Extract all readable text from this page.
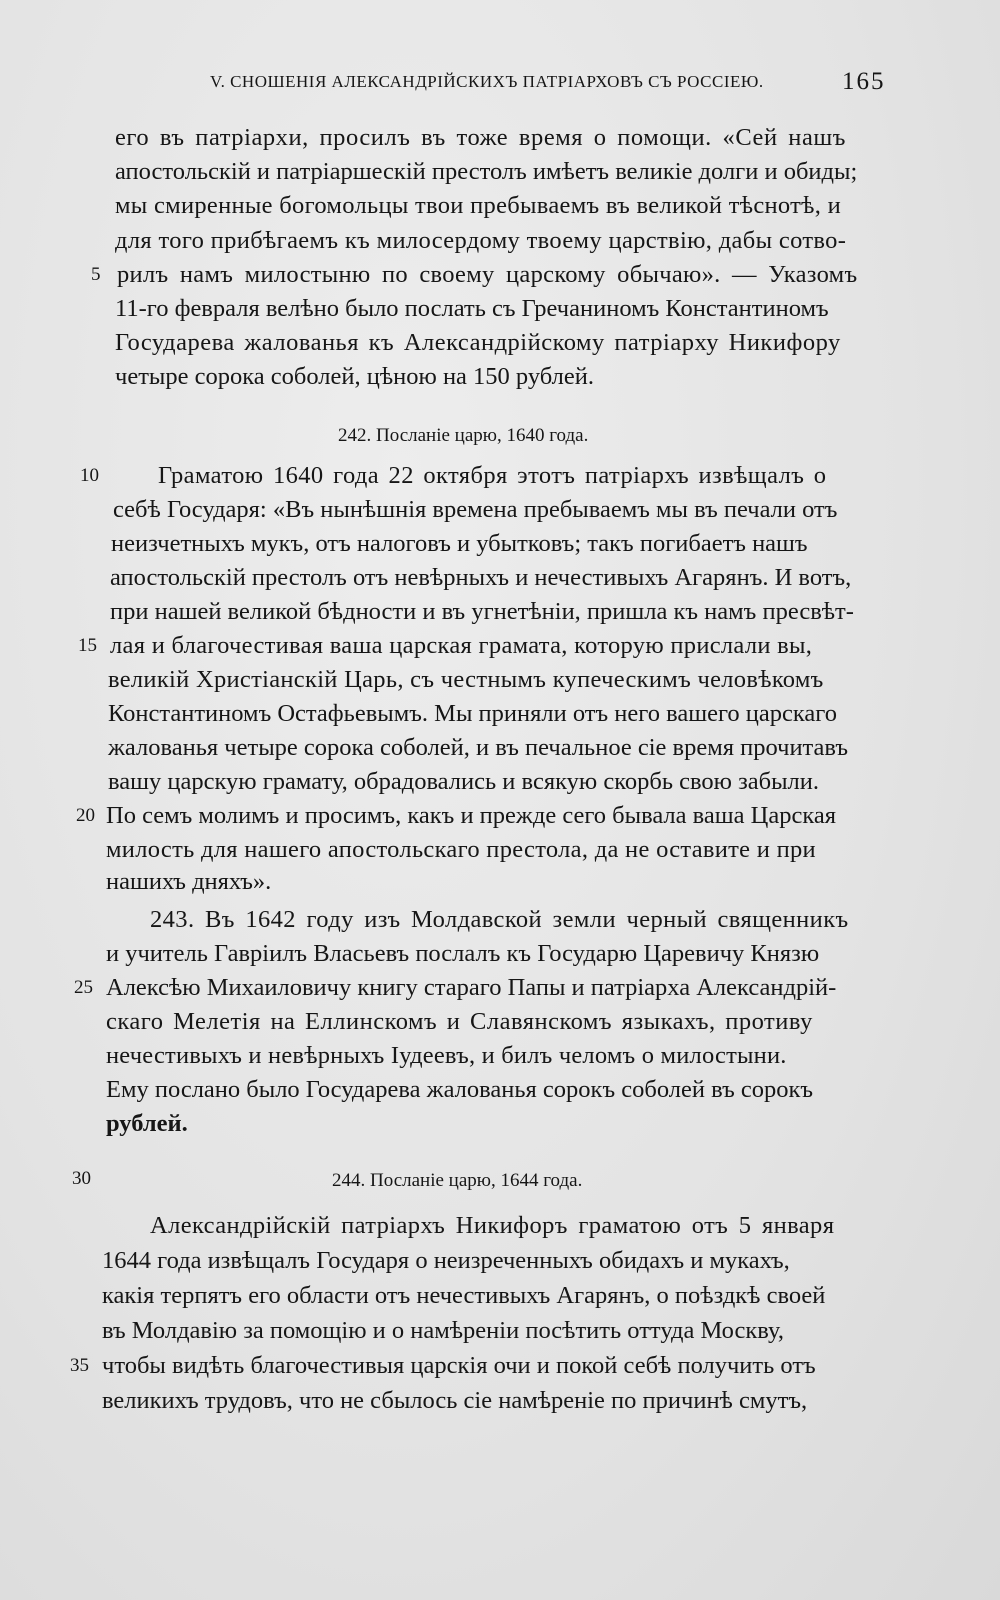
V. СНОШЕНІЯ АЛЕКСАНДРІЙСКИХЪ ПАТРІАРХОВЪ СЪ РОССІЕЮ.	165
его въ патріархи, просилъ въ тоже время о помощи. «Сей нашъ
апостольскій и патріаршескій престолъ имѣетъ великіе долги и обиды;
мы смиренные богомольцы твои пребываемъ въ великой тѣснотѣ, и
для того прибѣгаемъ къ милосердому твоему царствію, дабы сотво-
рилъ намъ милостыню по своему царскому обычаю». — Указомъ
11-го февраля велѣно было послать съ Гречаниномъ Константиномъ
Государева жалованья къ Александрійскому патріарху Никифору
четыре сорока соболей, цѣною на 150 рублей.
242. Посланіе царю, 1640 года.
Граматою 1640 года 22 октября этотъ патріархъ извѣщалъ о
себѣ Государя: «Въ нынѣшнія времена пребываемъ мы въ печали отъ
неизчетныхъ мукъ, отъ налоговъ и убытковъ; такъ погибаетъ нашъ
апостольскій престолъ отъ невѣрныхъ и нечестивыхъ Агарянъ. И вотъ,
при нашей великой бѣдности и въ угнетѣніи, пришла къ намъ пресвѣт-
лая и благочестивая ваша царская грамата, которую прислали вы,
великій Христіанскій Царь, съ честнымъ купеческимъ человѣкомъ
Константиномъ Остафьевымъ. Мы приняли отъ него вашего царскаго
жалованья четыре сорока соболей, и въ печальное сіе время прочитавъ
вашу царскую грамату, обрадовались и всякую скорбь свою забыли.
По семъ молимъ и просимъ, какъ и прежде сего бывала ваша Царская
милость для нашего апостольскаго престола, да не оставите и при
нашихъ дняхъ».
243. Въ 1642 году изъ Молдавской земли черный священникъ
и учитель Гавріилъ Власьевъ послалъ къ Государю Царевичу Князю
Алексѣю Михаиловичу книгу стараго Папы и патріарха Александрій-
скаго Мелетія на Еллинскомъ и Славянскомъ языкахъ, противу
нечестивыхъ и невѣрныхъ Іудеевъ, и билъ челомъ о милостыни.
Ему послано было Государева жалованья сорокъ соболей въ сорокъ
рублей.
244. Посланіе царю, 1644 года.
Александрійскій патріархъ Никифоръ граматою отъ 5 января
1644 года извѣщалъ Государя о неизреченныхъ обидахъ и мукахъ,
какія терпятъ его области отъ нечестивыхъ Агарянъ, о поѣздкѣ своей
въ Молдавію за помощію и о намѣреніи посѣтить оттуда Москву,
чтобы видѣть благочестивыя царскія очи и покой себѣ получить отъ
великихъ трудовъ, что не сбылось сіе намѣреніе по причинѣ смутъ,
5
10
15
20
25
30
35
